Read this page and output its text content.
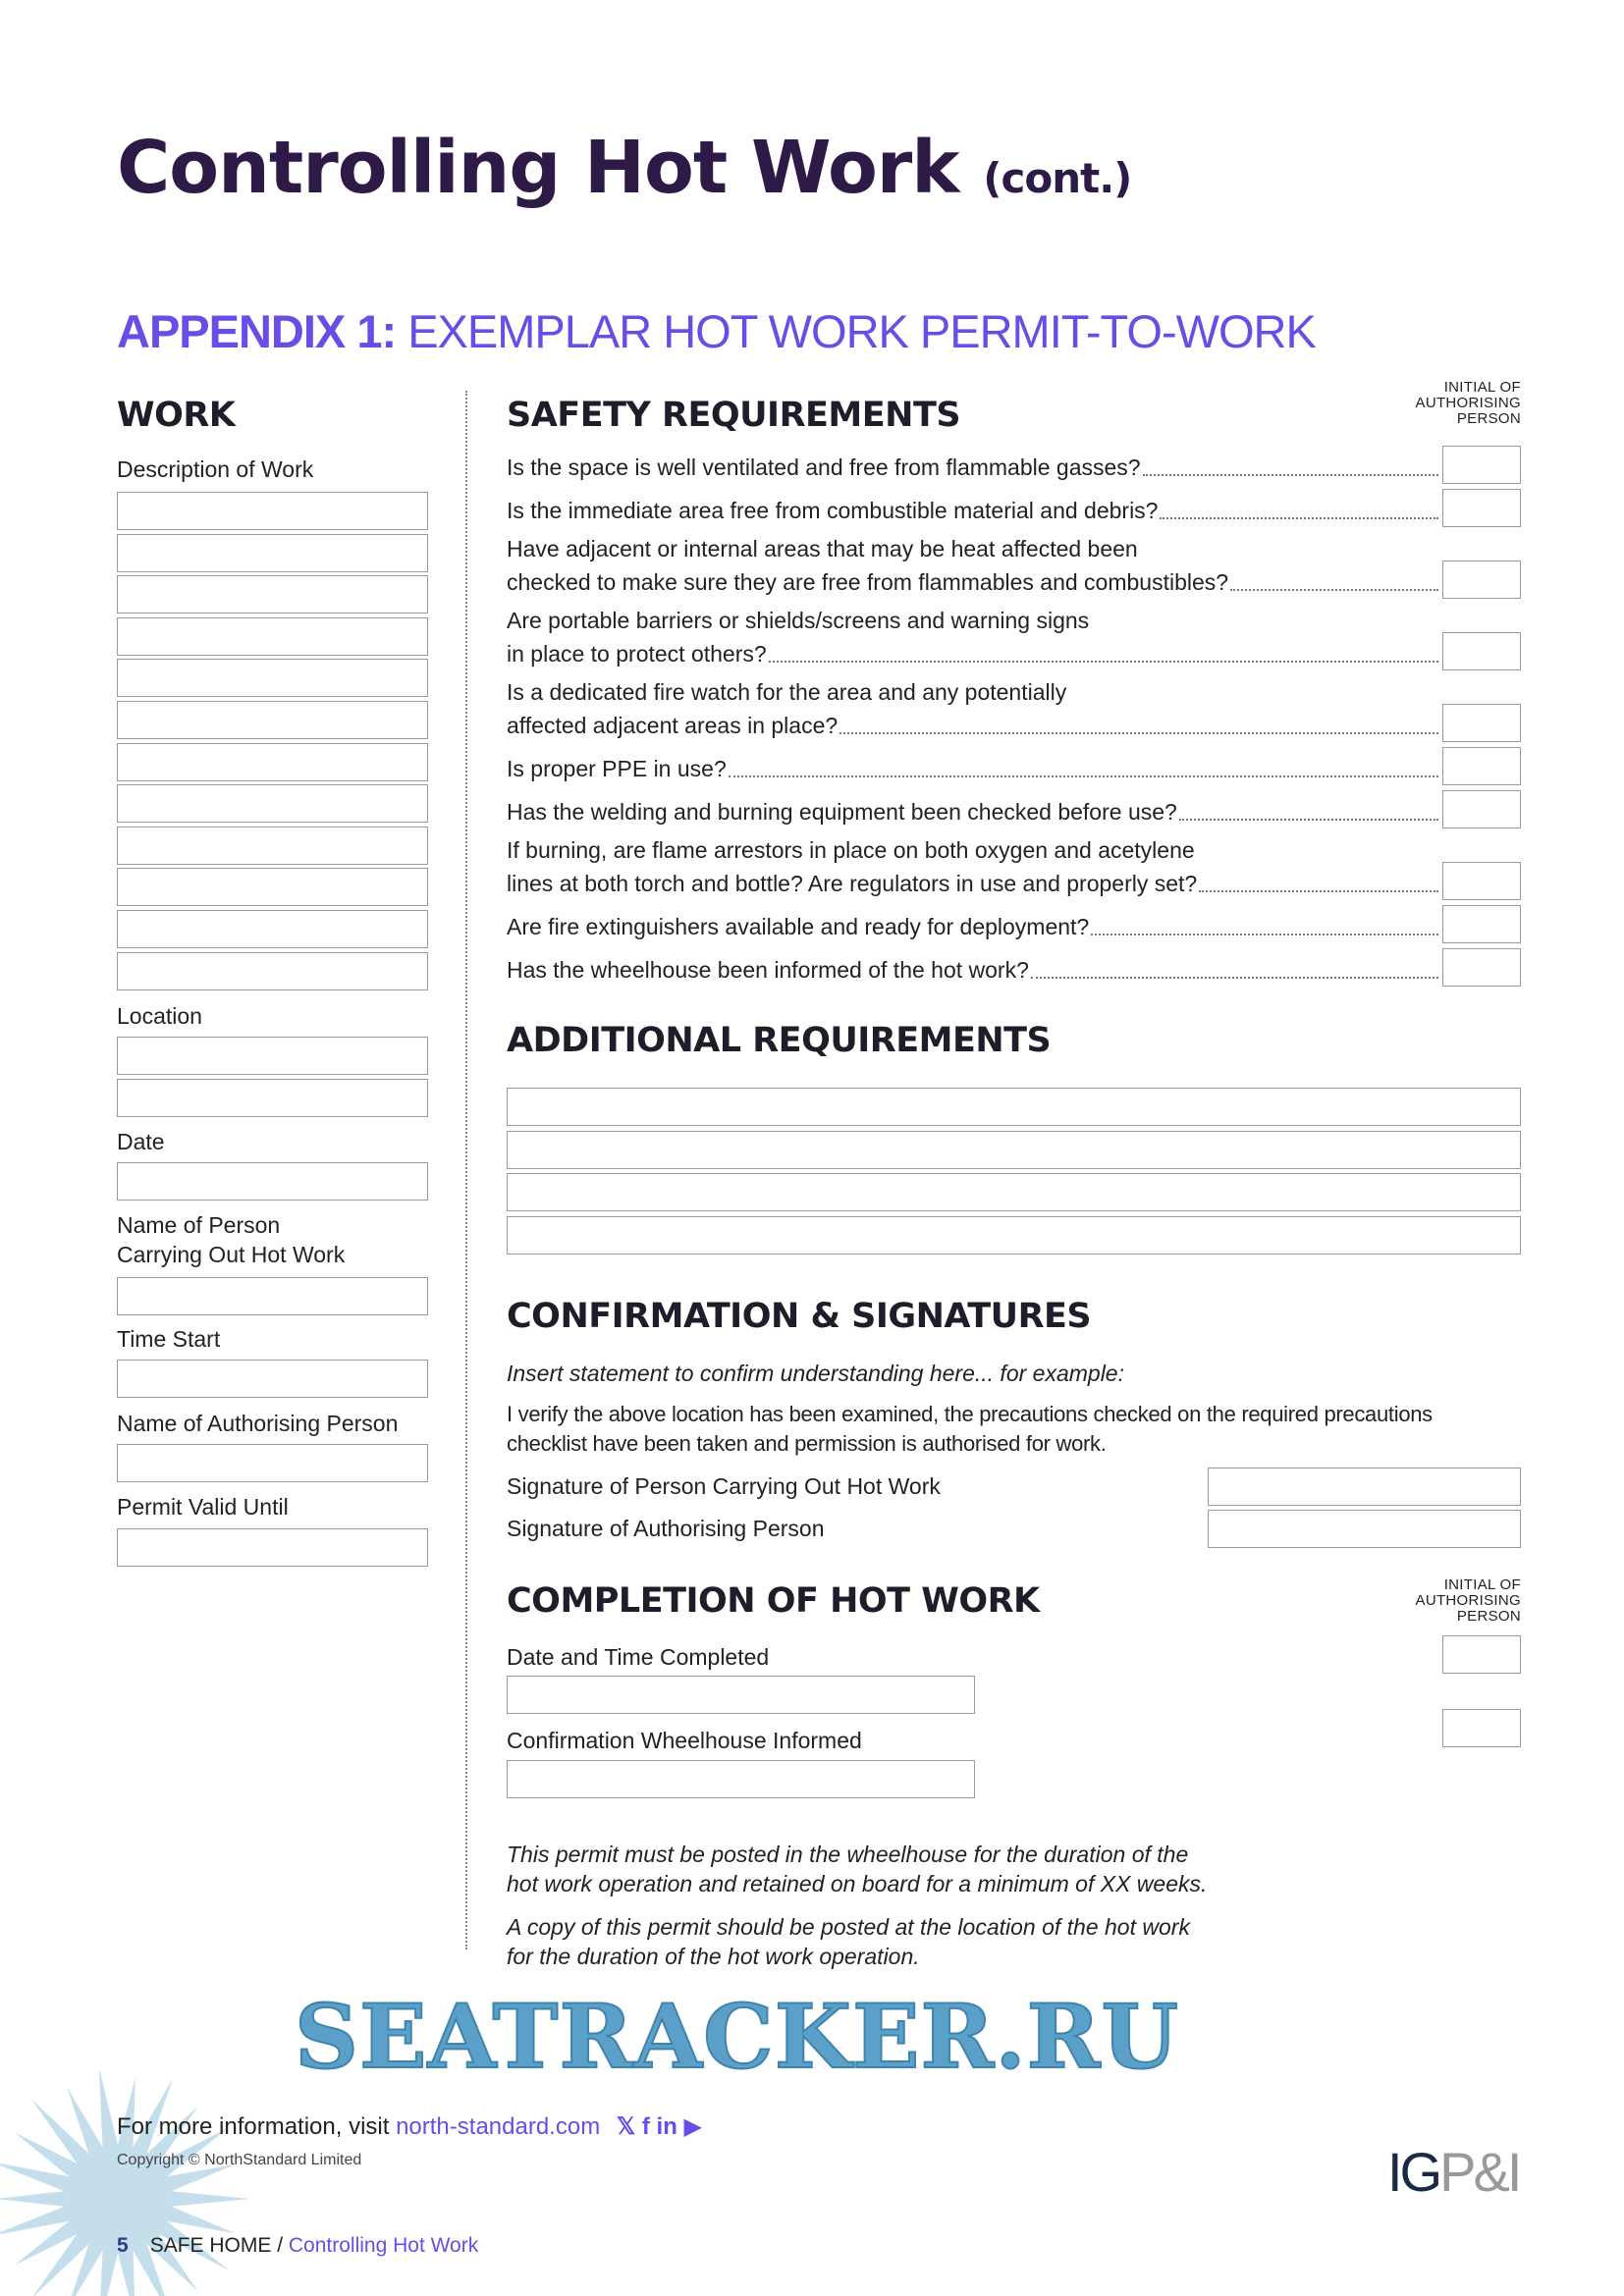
Controlling Hot Work (cont.)
APPENDIX 1: EXEMPLAR HOT WORK PERMIT-TO-WORK
WORK
Description of Work
Location
Date
Name of Person
Carrying Out Hot Work
Time Start
Name of Authorising Person
Permit Valid Until
SAFETY REQUIREMENTS
INITIAL OF
AUTHORISING
PERSON
Is the space is well ventilated and free from flammable gasses?
Is the immediate area free from combustible material and debris?
Have adjacent or internal areas that may be heat affected been
checked to make sure they are free from flammables and combustibles?
Are portable barriers or shields/screens and warning signs
in place to protect others?
Is a dedicated fire watch for the area and any potentially
affected adjacent areas in place?
Is proper PPE in use?
Has the welding and burning equipment been checked before use?
If burning, are flame arrestors in place on both oxygen and acetylene
lines at both torch and bottle? Are regulators in use and properly set?
Are fire extinguishers available and ready for deployment?
Has the wheelhouse been informed of the hot work?
ADDITIONAL REQUIREMENTS
CONFIRMATION & SIGNATURES
Insert statement to confirm understanding here... for example:
I verify the above location has been examined, the precautions checked on the required precautions
checklist have been taken and permission is authorised for work.
Signature of Person Carrying Out Hot Work
Signature of Authorising Person
COMPLETION OF HOT WORK	INITIAL OF
AUTHORISING
PERSON
Date and Time Completed
Confirmation Wheelhouse Informed
This permit must be posted in the wheelhouse for the duration of the
hot work operation and retained on board for a minimum of XX weeks.
A copy of this permit should be posted at the location of the hot work
for the duration of the hot work operation.
SEATRACKER.RU
For more information, visit north-standard.com 𝕏 f in ▶
Copyright © NorthStandard Limited	IGP&I
5 SAFE HOME / Controlling Hot Work
